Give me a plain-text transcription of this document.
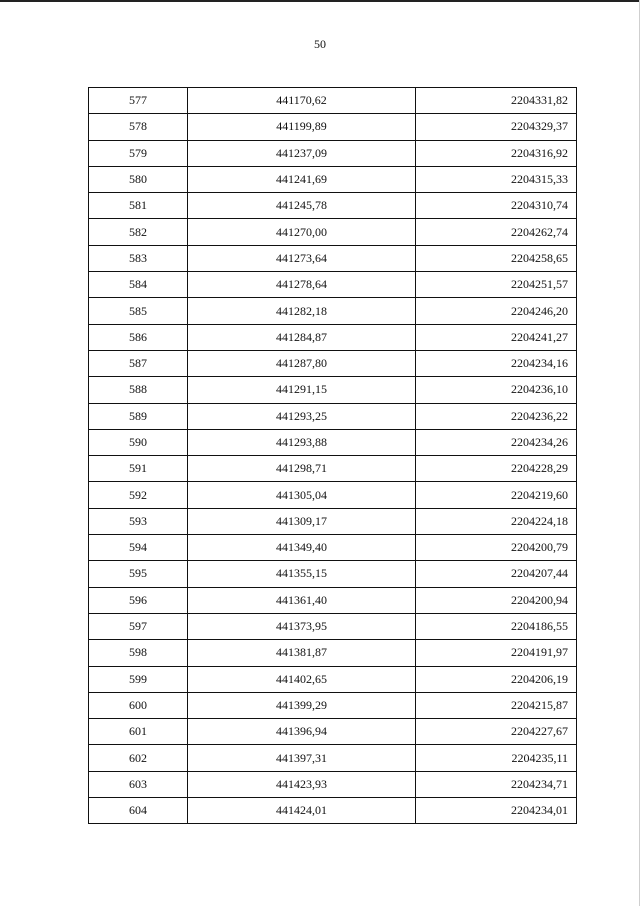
50
577	441170,62	2204331,82
578	441199,89	2204329,37
579	441237,09	2204316,92
580	441241,69	2204315,33
581	441245,78	2204310,74
582	441270,00	2204262,74
583	441273,64	2204258,65
584	441278,64	2204251,57
585	441282,18	2204246,20
586	441284,87	2204241,27
587	441287,80	2204234,16
588	441291,15	2204236,10
589	441293,25	2204236,22
590	441293,88	2204234,26
591	441298,71	2204228,29
592	441305,04	2204219,60
593	441309,17	2204224,18
594	441349,40	2204200,79
595	441355,15	2204207,44
596	441361,40	2204200,94
597	441373,95	2204186,55
598	441381,87	2204191,97
599	441402,65	2204206,19
600	441399,29	2204215,87
601	441396,94	2204227,67
602	441397,31	2204235,11
603	441423,93	2204234,71
604	441424,01	2204234,01
